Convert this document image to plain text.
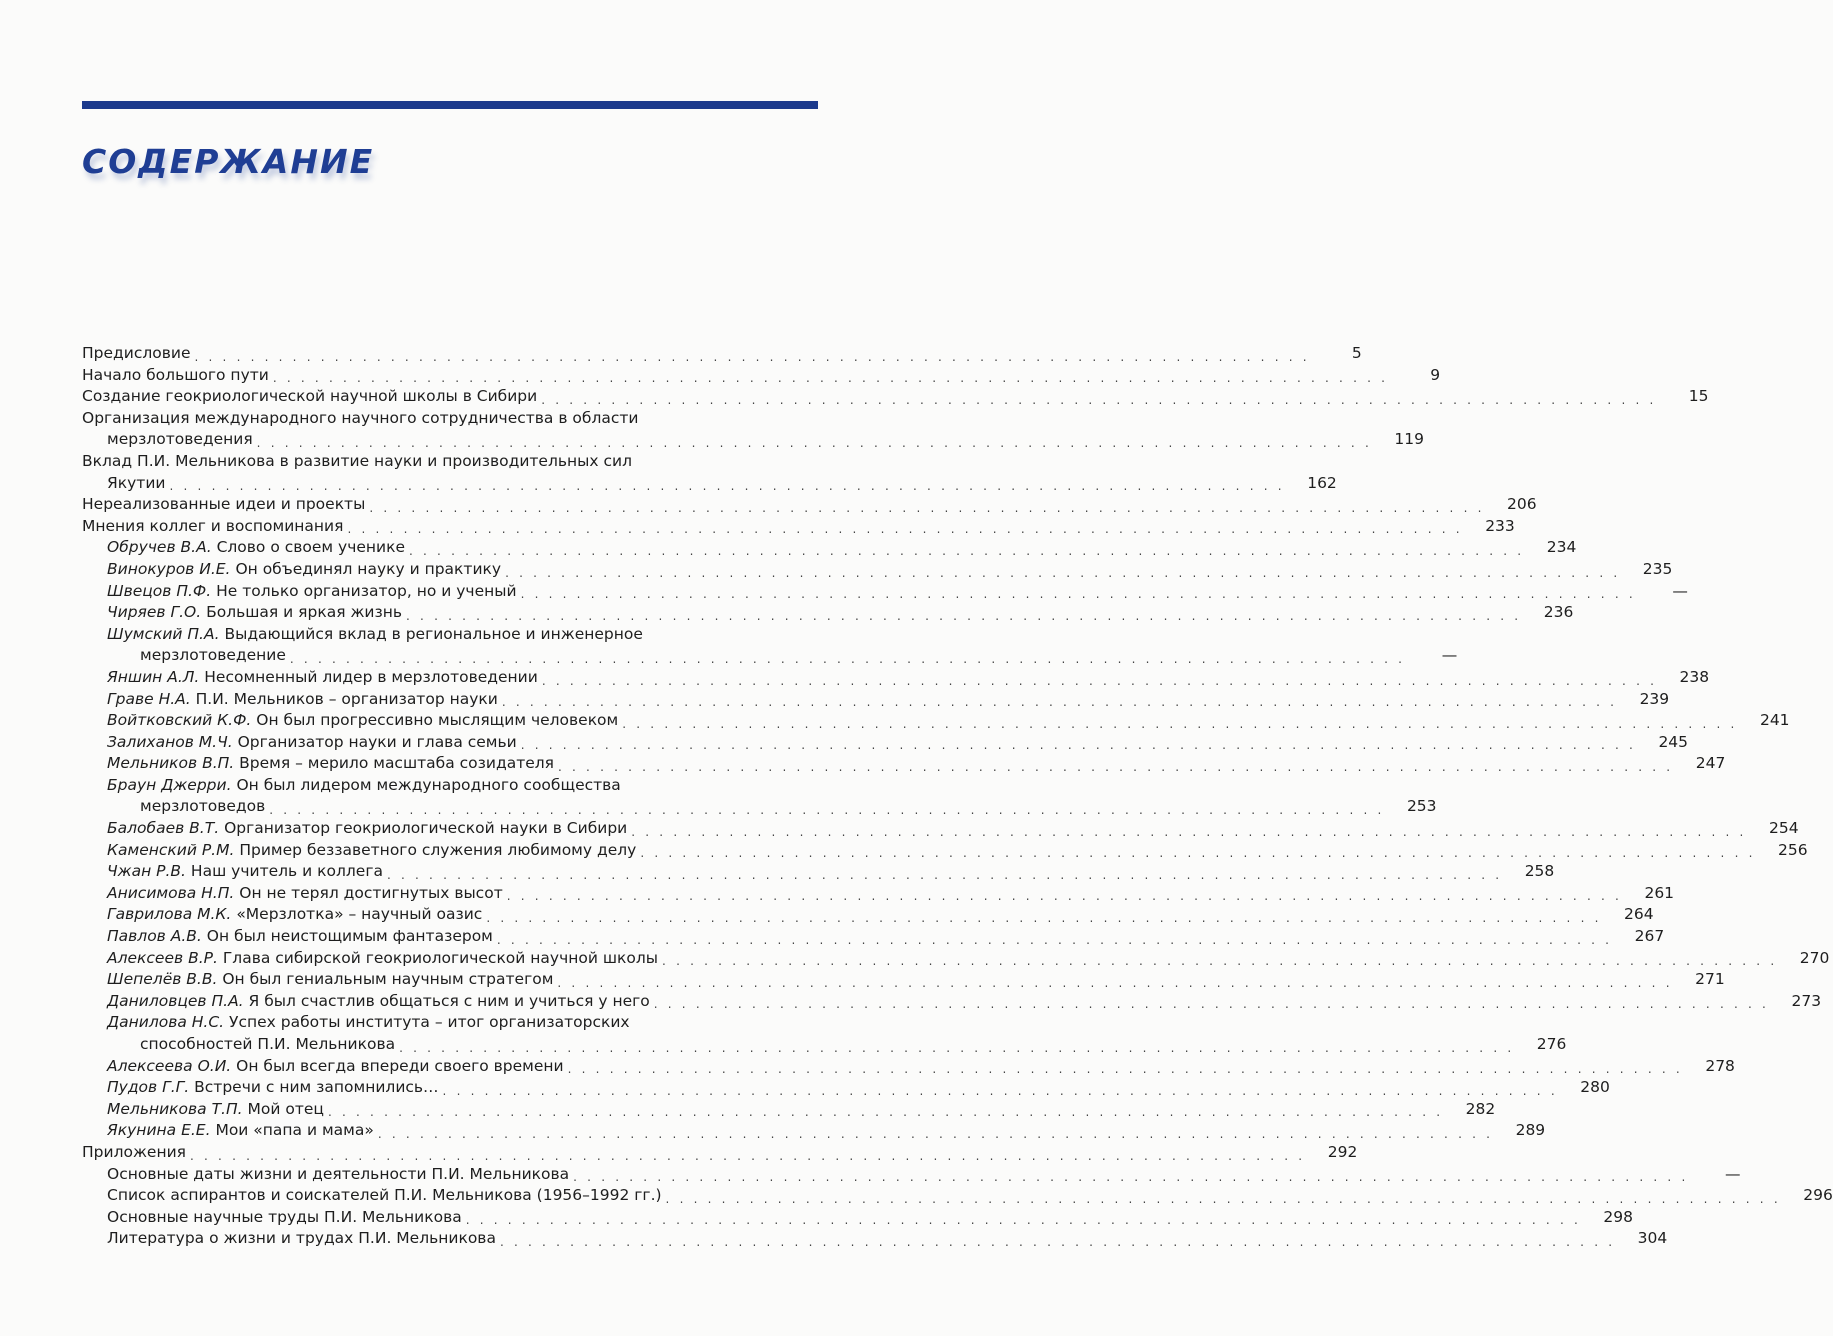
СОДЕРЖАНИЕ
Предисловие . . . . . . . . . . . . . . . . . . . . . . . . . . . . . . . . . . . . . . . . . . . . . . . . . . . . . . . . . . . . . . . . . . . . . . . . . . . . . . . .	5
Начало большого пути . . . . . . . . . . . . . . . . . . . . . . . . . . . . . . . . . . . . . . . . . . . . . . . . . . . . . . . . . . . . . . . . . . . . . . . . . . . . . . . .	9
Создание геокриологической научной школы в Сибири . . . . . . . . . . . . . . . . . . . . . . . . . . . . . . . . . . . . . . . . . . . . . . . . . . . . . . . . . . . . . . . . . . . . . . . . . . . . . . . .	15
Организация международного научного сотрудничества в области
мерзлотоведения . . . . . . . . . . . . . . . . . . . . . . . . . . . . . . . . . . . . . . . . . . . . . . . . . . . . . . . . . . . . . . . . . . . . . . . . . . . . . . . .	119
Вклад П.И. Мельникова в развитие науки и производительных сил
Якутии . . . . . . . . . . . . . . . . . . . . . . . . . . . . . . . . . . . . . . . . . . . . . . . . . . . . . . . . . . . . . . . . . . . . . . . . . . . . . . . .	162
Нереализованные идеи и проекты . . . . . . . . . . . . . . . . . . . . . . . . . . . . . . . . . . . . . . . . . . . . . . . . . . . . . . . . . . . . . . . . . . . . . . . . . . . . . . . .	206
Мнения коллег и воспоминания . . . . . . . . . . . . . . . . . . . . . . . . . . . . . . . . . . . . . . . . . . . . . . . . . . . . . . . . . . . . . . . . . . . . . . . . . . . . . . . .	233
Обручев В.А. Слово о своем ученике . . . . . . . . . . . . . . . . . . . . . . . . . . . . . . . . . . . . . . . . . . . . . . . . . . . . . . . . . . . . . . . . . . . . . . . . . . . . . . . .	234
Винокуров И.Е. Он объединял науку и практику . . . . . . . . . . . . . . . . . . . . . . . . . . . . . . . . . . . . . . . . . . . . . . . . . . . . . . . . . . . . . . . . . . . . . . . . . . . . . . . .	235
Швецов П.Ф. Не только организатор, но и ученый . . . . . . . . . . . . . . . . . . . . . . . . . . . . . . . . . . . . . . . . . . . . . . . . . . . . . . . . . . . . . . . . . . . . . . . . . . . . . . . .	—
Чиряев Г.О. Большая и яркая жизнь . . . . . . . . . . . . . . . . . . . . . . . . . . . . . . . . . . . . . . . . . . . . . . . . . . . . . . . . . . . . . . . . . . . . . . . . . . . . . . . .	236
Шумский П.А. Выдающийся вклад в региональное и инженерное
мерзлотоведение . . . . . . . . . . . . . . . . . . . . . . . . . . . . . . . . . . . . . . . . . . . . . . . . . . . . . . . . . . . . . . . . . . . . . . . . . . . . . . . .	—
Яншин А.Л. Несомненный лидер в мерзлотоведении . . . . . . . . . . . . . . . . . . . . . . . . . . . . . . . . . . . . . . . . . . . . . . . . . . . . . . . . . . . . . . . . . . . . . . . . . . . . . . . .	238
Граве Н.А. П.И. Мельников – организатор науки . . . . . . . . . . . . . . . . . . . . . . . . . . . . . . . . . . . . . . . . . . . . . . . . . . . . . . . . . . . . . . . . . . . . . . . . . . . . . . . .	239
Войтковский К.Ф. Он был прогрессивно мыслящим человеком . . . . . . . . . . . . . . . . . . . . . . . . . . . . . . . . . . . . . . . . . . . . . . . . . . . . . . . . . . . . . . . . . . . . . . . . . . . . . . . .	241
Залиханов М.Ч. Организатор науки и глава семьи . . . . . . . . . . . . . . . . . . . . . . . . . . . . . . . . . . . . . . . . . . . . . . . . . . . . . . . . . . . . . . . . . . . . . . . . . . . . . . . .	245
Мельников В.П. Время – мерило масштаба созидателя . . . . . . . . . . . . . . . . . . . . . . . . . . . . . . . . . . . . . . . . . . . . . . . . . . . . . . . . . . . . . . . . . . . . . . . . . . . . . . . .	247
Браун Джерри. Он был лидером международного сообщества
мерзлотоведов . . . . . . . . . . . . . . . . . . . . . . . . . . . . . . . . . . . . . . . . . . . . . . . . . . . . . . . . . . . . . . . . . . . . . . . . . . . . . . . .	253
Балобаев В.Т. Организатор геокриологической науки в Сибири . . . . . . . . . . . . . . . . . . . . . . . . . . . . . . . . . . . . . . . . . . . . . . . . . . . . . . . . . . . . . . . . . . . . . . . . . . . . . . . .	254
Каменский Р.М. Пример беззаветного служения любимому делу . . . . . . . . . . . . . . . . . . . . . . . . . . . . . . . . . . . . . . . . . . . . . . . . . . . . . . . . . . . . . . . . . . . . . . . . . . . . . . . .	256
Чжан Р.В. Наш учитель и коллега . . . . . . . . . . . . . . . . . . . . . . . . . . . . . . . . . . . . . . . . . . . . . . . . . . . . . . . . . . . . . . . . . . . . . . . . . . . . . . . .	258
Анисимова Н.П. Он не терял достигнутых высот . . . . . . . . . . . . . . . . . . . . . . . . . . . . . . . . . . . . . . . . . . . . . . . . . . . . . . . . . . . . . . . . . . . . . . . . . . . . . . . .	261
Гаврилова М.К. «Мерзлотка» – научный оазис . . . . . . . . . . . . . . . . . . . . . . . . . . . . . . . . . . . . . . . . . . . . . . . . . . . . . . . . . . . . . . . . . . . . . . . . . . . . . . . .	264
Павлов А.В. Он был неистощимым фантазером . . . . . . . . . . . . . . . . . . . . . . . . . . . . . . . . . . . . . . . . . . . . . . . . . . . . . . . . . . . . . . . . . . . . . . . . . . . . . . . .	267
Алексеев В.Р. Глава сибирской геокриологической научной школы . . . . . . . . . . . . . . . . . . . . . . . . . . . . . . . . . . . . . . . . . . . . . . . . . . . . . . . . . . . . . . . . . . . . . . . . . . . . . . . .	270
Шепелёв В.В. Он был гениальным научным стратегом . . . . . . . . . . . . . . . . . . . . . . . . . . . . . . . . . . . . . . . . . . . . . . . . . . . . . . . . . . . . . . . . . . . . . . . . . . . . . . . .	271
Даниловцев П.А. Я был счастлив общаться с ним и учиться у него . . . . . . . . . . . . . . . . . . . . . . . . . . . . . . . . . . . . . . . . . . . . . . . . . . . . . . . . . . . . . . . . . . . . . . . . . . . . . . . .	273
Данилова Н.С. Успех работы института – итог организаторских
способностей П.И. Мельникова . . . . . . . . . . . . . . . . . . . . . . . . . . . . . . . . . . . . . . . . . . . . . . . . . . . . . . . . . . . . . . . . . . . . . . . . . . . . . . . .	276
Алексеева О.И. Он был всегда впереди своего времени . . . . . . . . . . . . . . . . . . . . . . . . . . . . . . . . . . . . . . . . . . . . . . . . . . . . . . . . . . . . . . . . . . . . . . . . . . . . . . . .	278
Пудов Г.Г. Встречи с ним запомнились… . . . . . . . . . . . . . . . . . . . . . . . . . . . . . . . . . . . . . . . . . . . . . . . . . . . . . . . . . . . . . . . . . . . . . . . . . . . . . . . .	280
Мельникова Т.П. Мой отец . . . . . . . . . . . . . . . . . . . . . . . . . . . . . . . . . . . . . . . . . . . . . . . . . . . . . . . . . . . . . . . . . . . . . . . . . . . . . . . .	282
Якунина Е.Е. Мои «папа и мама» . . . . . . . . . . . . . . . . . . . . . . . . . . . . . . . . . . . . . . . . . . . . . . . . . . . . . . . . . . . . . . . . . . . . . . . . . . . . . . . .	289
Приложения . . . . . . . . . . . . . . . . . . . . . . . . . . . . . . . . . . . . . . . . . . . . . . . . . . . . . . . . . . . . . . . . . . . . . . . . . . . . . . . .	292
Основные даты жизни и деятельности П.И. Мельникова . . . . . . . . . . . . . . . . . . . . . . . . . . . . . . . . . . . . . . . . . . . . . . . . . . . . . . . . . . . . . . . . . . . . . . . . . . . . . . . .	—
Список аспирантов и соискателей П.И. Мельникова (1956–1992 гг.) . . . . . . . . . . . . . . . . . . . . . . . . . . . . . . . . . . . . . . . . . . . . . . . . . . . . . . . . . . . . . . . . . . . . . . . . . . . . . . . .	296
Основные научные труды П.И. Мельникова . . . . . . . . . . . . . . . . . . . . . . . . . . . . . . . . . . . . . . . . . . . . . . . . . . . . . . . . . . . . . . . . . . . . . . . . . . . . . . . .	298
Литература о жизни и трудах П.И. Мельникова . . . . . . . . . . . . . . . . . . . . . . . . . . . . . . . . . . . . . . . . . . . . . . . . . . . . . . . . . . . . . . . . . . . . . . . . . . . . . . . .	304
